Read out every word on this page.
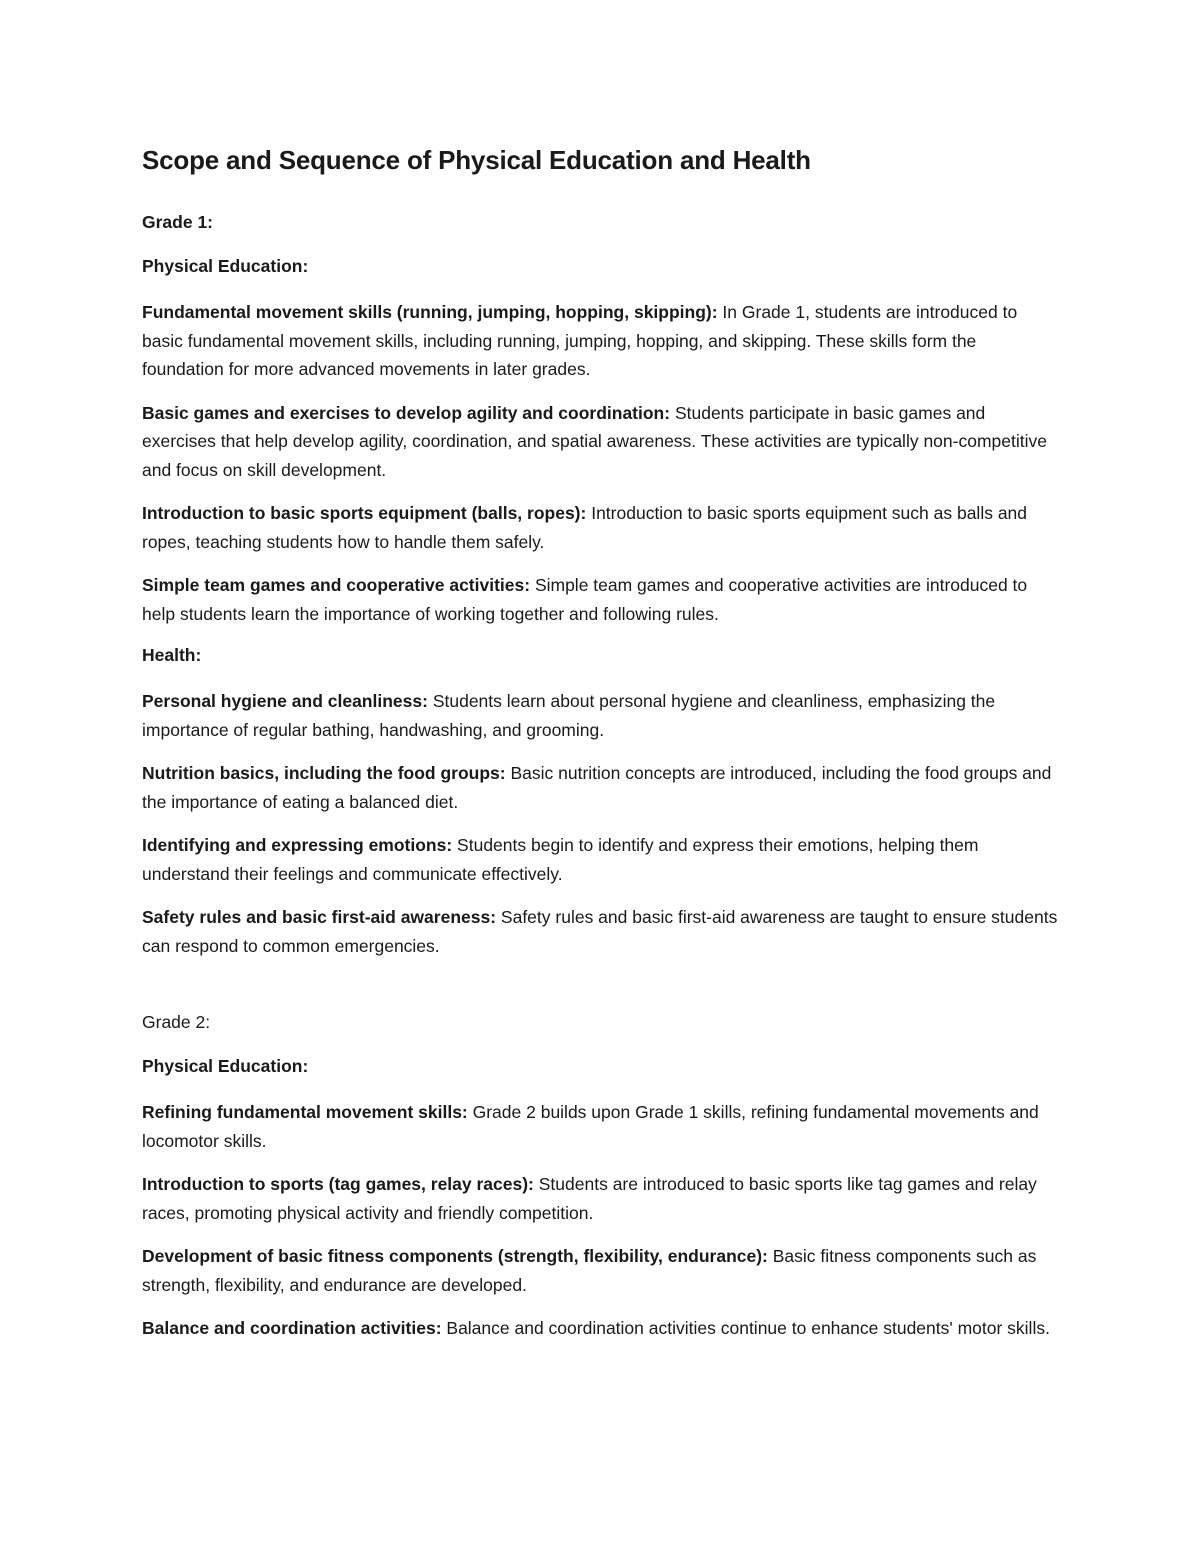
Scope and Sequence of Physical Education and Health

Grade 1:

Physical Education:

Fundamental movement skills (running, jumping, hopping, skipping): In Grade 1, students are introduced to basic fundamental movement skills, including running, jumping, hopping, and skipping. These skills form the foundation for more advanced movements in later grades.

Basic games and exercises to develop agility and coordination: Students participate in basic games and exercises that help develop agility, coordination, and spatial awareness. These activities are typically non-competitive and focus on skill development.

Introduction to basic sports equipment (balls, ropes): Introduction to basic sports equipment such as balls and ropes, teaching students how to handle them safely.

Simple team games and cooperative activities: Simple team games and cooperative activities are introduced to help students learn the importance of working together and following rules.

Health:

Personal hygiene and cleanliness: Students learn about personal hygiene and cleanliness, emphasizing the importance of regular bathing, handwashing, and grooming.

Nutrition basics, including the food groups: Basic nutrition concepts are introduced, including the food groups and the importance of eating a balanced diet.

Identifying and expressing emotions: Students begin to identify and express their emotions, helping them understand their feelings and communicate effectively.

Safety rules and basic first-aid awareness: Safety rules and basic first-aid awareness are taught to ensure students can respond to common emergencies.

Grade 2:

Physical Education:

Refining fundamental movement skills: Grade 2 builds upon Grade 1 skills, refining fundamental movements and locomotor skills.

Introduction to sports (tag games, relay races): Students are introduced to basic sports like tag games and relay races, promoting physical activity and friendly competition.

Development of basic fitness components (strength, flexibility, endurance): Basic fitness components such as strength, flexibility, and endurance are developed.

Balance and coordination activities: Balance and coordination activities continue to enhance students' motor skills.
